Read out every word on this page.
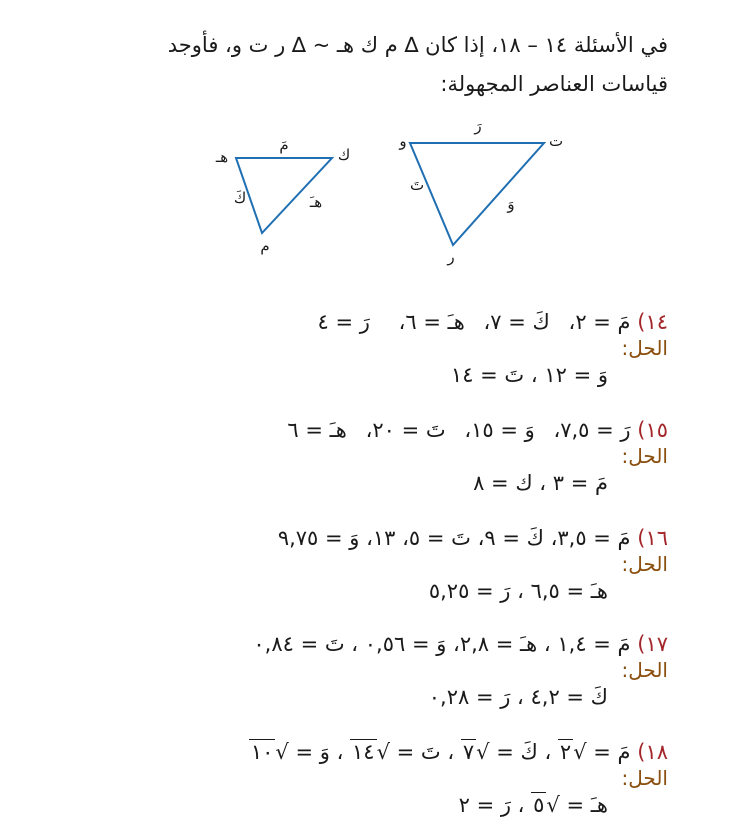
في الأسئلة ١٤ – ١٨، إذا كان ∆ م ك هـ ~ ∆ ر ت و، فأوجد
قياسات العناصر المجهولة:
و	ت
ر
رَ
تَ
وَ
هـ	ك
م
مَ
كَ	هـَ
١٤) مَ = ٢، كَ = ٧، هـَ = ٦، رَ = ٤
الحل:
وَ = ١٢ ، تَ = ١٤
١٥) رَ = ٧,٥، وَ = ١٥، تَ = ٢٠، هـَ = ٦
الحل:
مَ = ٣ ، ك = ٨
١٦) مَ = ٣,٥، كَ = ٩، تَ = ٥، ١٣، وَ = ٩,٧٥
الحل:
هـَ = ٦,٥ ، رَ = ٥,٢٥
١٧) مَ = ١,٤ ، هـَ = ٢,٨، وَ = ٠,٥٦ ، تَ = ٠,٨٤
الحل:
كَ = ٤,٢ ، رَ = ٠,٢٨
١٨) مَ = √٢ ، كَ = √٧ ، تَ = √١٤ ، وَ = √١٠
الحل:
هـَ = √٥ ، رَ = ٢
